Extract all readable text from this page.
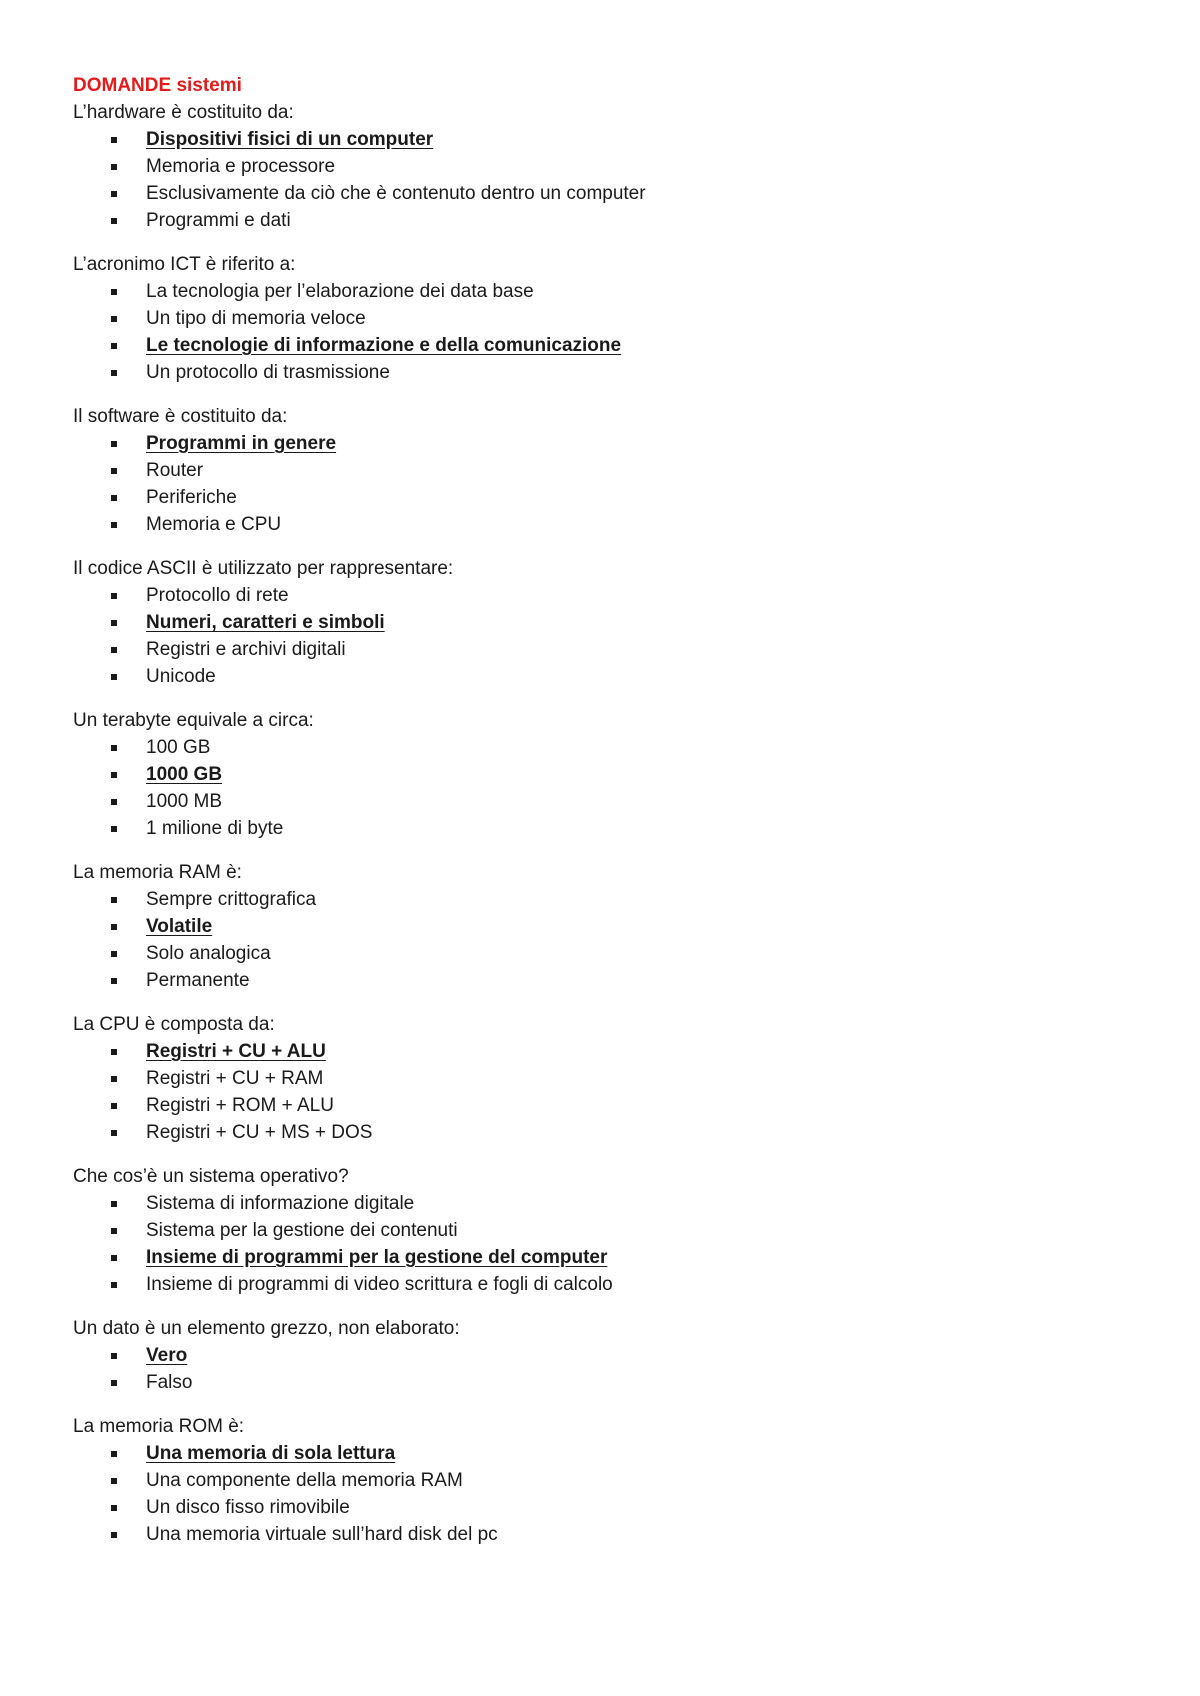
DOMANDE sistemi

L’hardware è costituito da:

Dispositivi fisici di un computer
Memoria e processore
Esclusivamente da ciò che è contenuto dentro un computer
Programmi e dati

L’acronimo ICT è riferito a:

La tecnologia per l’elaborazione dei data base
Un tipo di memoria veloce
Le tecnologie di informazione e della comunicazione
Un protocollo di trasmissione

Il software è costituito da:

Programmi in genere
Router
Periferiche
Memoria e CPU

Il codice ASCII è utilizzato per rappresentare:

Protocollo di rete
Numeri, caratteri e simboli
Registri e archivi digitali
Unicode

Un terabyte equivale a circa:

100 GB
1000 GB
1000 MB
1 milione di byte

La memoria RAM è:

Sempre crittografica
Volatile
Solo analogica
Permanente

La CPU è composta da:

Registri + CU + ALU
Registri + CU + RAM
Registri + ROM + ALU
Registri + CU + MS + DOS

Che cos’è un sistema operativo?

Sistema di informazione digitale
Sistema per la gestione dei contenuti
Insieme di programmi per la gestione del computer
Insieme di programmi di video scrittura e fogli di calcolo

Un dato è un elemento grezzo, non elaborato:

Vero
Falso

La memoria ROM è:

Una memoria di sola lettura
Una componente della memoria RAM
Un disco fisso rimovibile
Una memoria virtuale sull’hard disk del pc
